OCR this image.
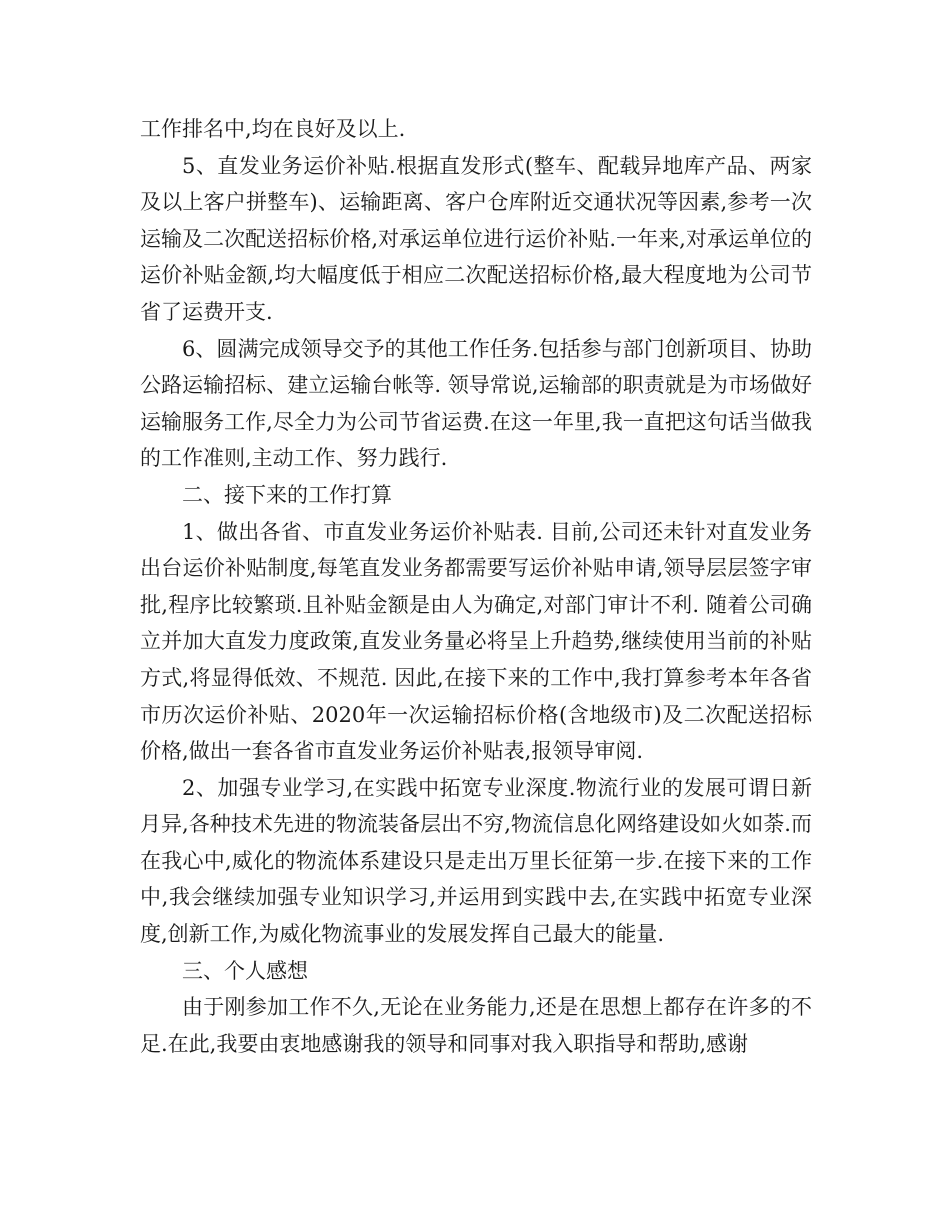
工作排名中,均在良好及以上.

5、直发业务运价补贴.根据直发形式(整车、配载异地库产品、两家及以上客户拼整车)、运输距离、客户仓库附近交通状况等因素,参考一次运输及二次配送招标价格,对承运单位进行运价补贴.一年来,对承运单位的运价补贴金额,均大幅度低于相应二次配送招标价格,最大程度地为公司节省了运费开支.

6、圆满完成领导交予的其他工作任务.包括参与部门创新项目、协助公路运输招标、建立运输台帐等. 领导常说,运输部的职责就是为市场做好运输服务工作,尽全力为公司节省运费.在这一年里,我一直把这句话当做我的工作准则,主动工作、努力践行.

二、接下来的工作打算

1、做出各省、市直发业务运价补贴表. 目前,公司还未针对直发业务出台运价补贴制度,每笔直发业务都需要写运价补贴申请,领导层层签字审批,程序比较繁琐.且补贴金额是由人为确定,对部门审计不利. 随着公司确立并加大直发力度政策,直发业务量必将呈上升趋势,继续使用当前的补贴方式,将显得低效、不规范. 因此,在接下来的工作中,我打算参考本年各省市历次运价补贴、2020年一次运输招标价格(含地级市)及二次配送招标价格,做出一套各省市直发业务运价补贴表,报领导审阅.

2、加强专业学习,在实践中拓宽专业深度.物流行业的发展可谓日新月异,各种技术先进的物流装备层出不穷,物流信息化网络建设如火如荼.而在我心中,威化的物流体系建设只是走出万里长征第一步.在接下来的工作中,我会继续加强专业知识学习,并运用到实践中去,在实践中拓宽专业深度,创新工作,为威化物流事业的发展发挥自己最大的能量.

三、个人感想

由于刚参加工作不久,无论在业务能力,还是在思想上都存在许多的不足.在此,我要由衷地感谢我的领导和同事对我入职指导和帮助,感谢
